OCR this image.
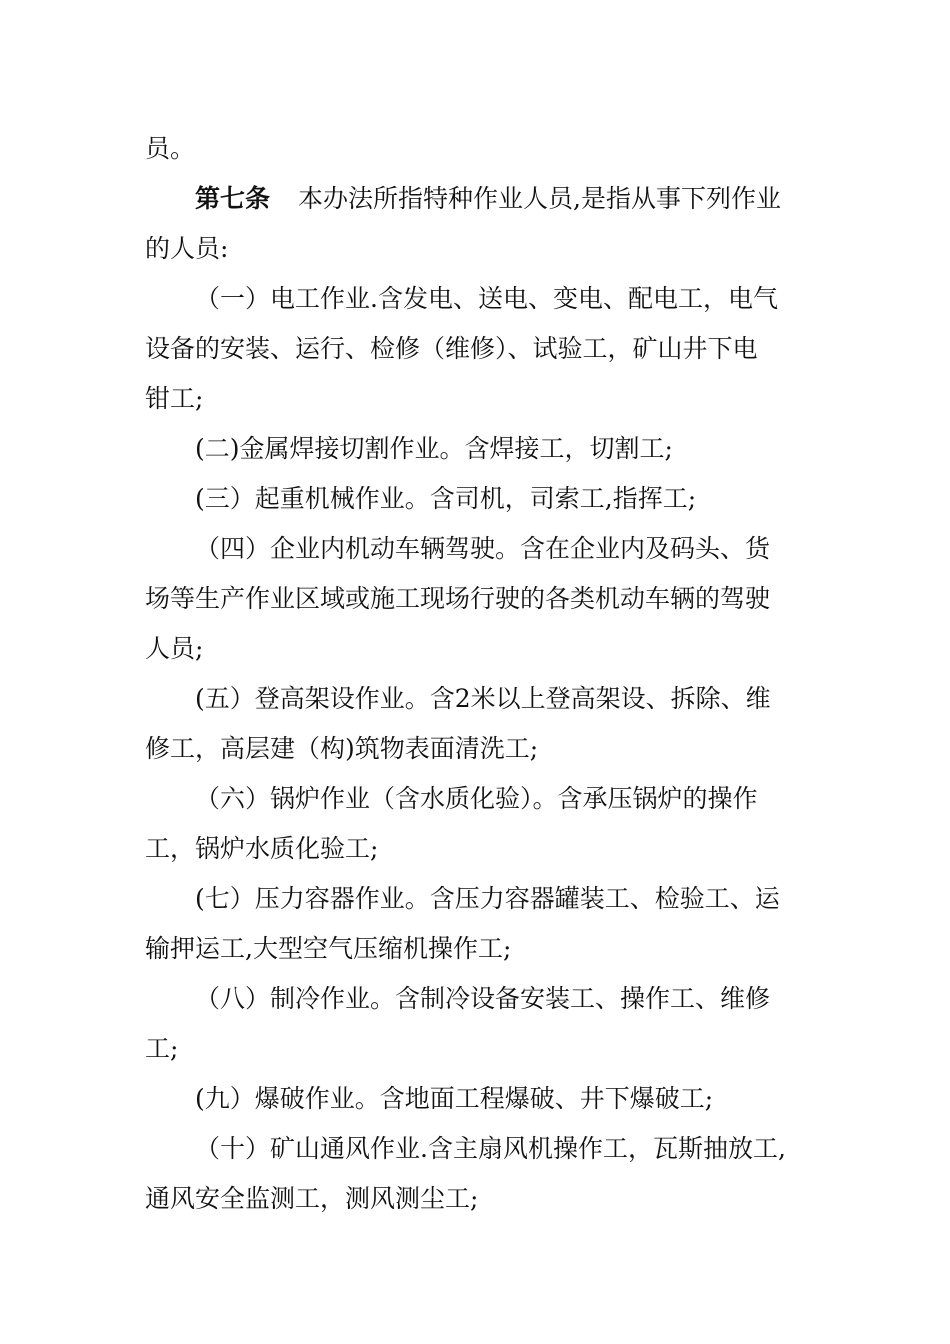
员。
第七条 本办法所指特种作业人员,是指从事下列作业
的人员:
（一）电工作业.含发电、送电、变电、配电工，电气
设备的安装、运行、检修（维修）、试验工，矿山井下电
钳工;
(二)金属焊接切割作业。含焊接工，切割工;
(三）起重机械作业。含司机，司索工,指挥工;
（四）企业内机动车辆驾驶。含在企业内及码头、货
场等生产作业区域或施工现场行驶的各类机动车辆的驾驶
人员;
(五）登高架设作业。含2米以上登高架设、拆除、维
修工，高层建（构)筑物表面清洗工;
（六）锅炉作业（含水质化验）。含承压锅炉的操作
工，锅炉水质化验工;
(七）压力容器作业。含压力容器罐装工、检验工、运
输押运工,大型空气压缩机操作工;
（八）制冷作业。含制冷设备安装工、操作工、维修
工;
(九）爆破作业。含地面工程爆破、井下爆破工;
（十）矿山通风作业.含主扇风机操作工，瓦斯抽放工,
通风安全监测工，测风测尘工;
